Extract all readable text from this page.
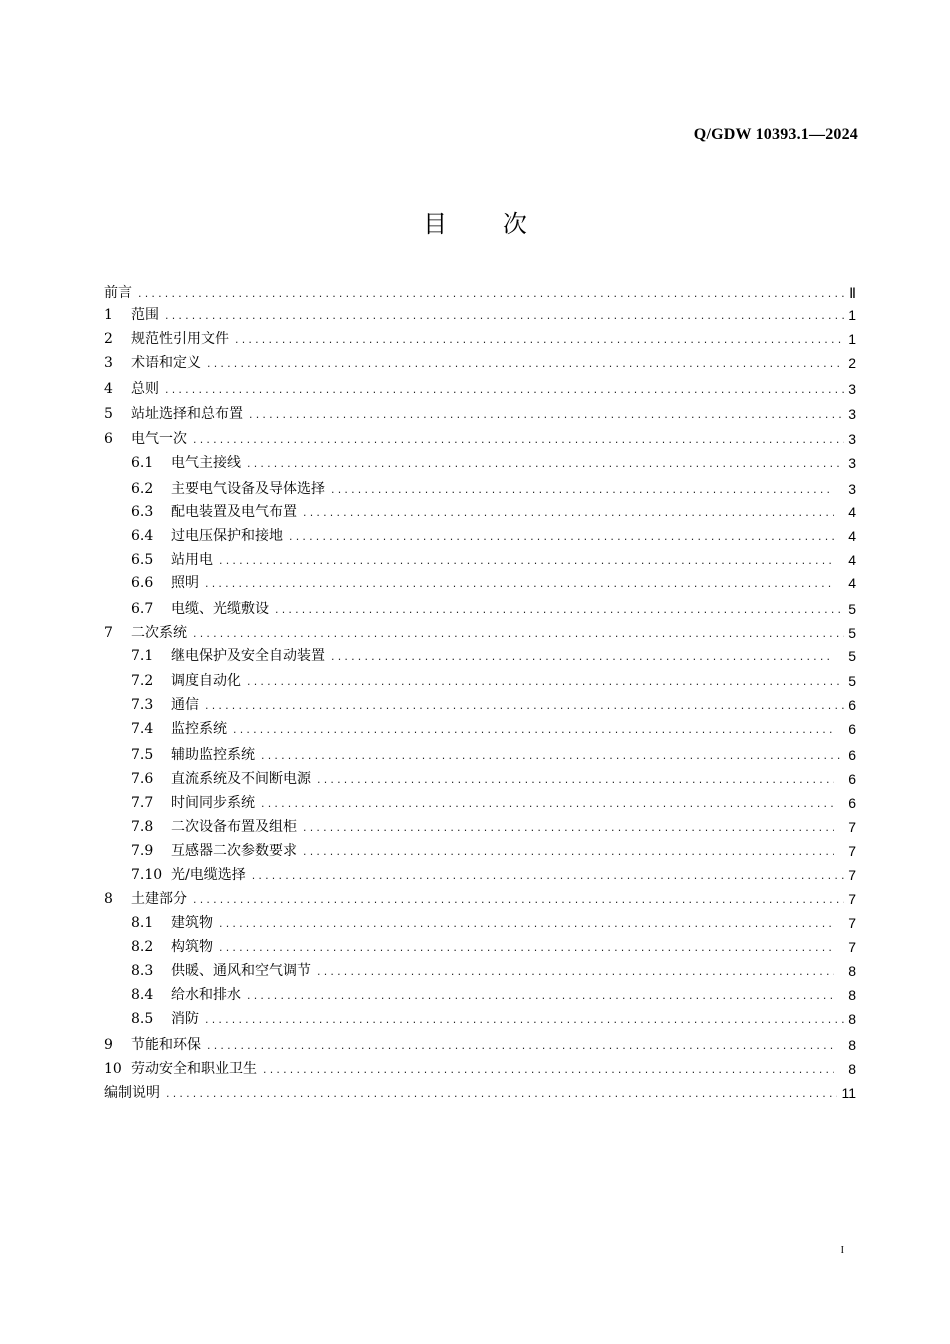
Q/GDW 10393.1—2024
目 次
前言 .....	Ⅱ
1	范围 .....	1
2	规范性引用文件 .....	1
3	术语和定义 .....	2
4	总则 .....	3
5	站址选择和总布置 .....	3
6	电气一次 .....	3
6.1	电气主接线 .....	3
6.2	主要电气设备及导体选择 .....	3
6.3	配电装置及电气布置 .....	4
6.4	过电压保护和接地 .....	4
6.5	站用电 .....	4
6.6	照明 .....	4
6.7	电缆、光缆敷设 .....	5
7	二次系统 .....	5
7.1	继电保护及安全自动装置 .....	5
7.2	调度自动化 .....	5
7.3	通信 .....	6
7.4	监控系统 .....	6
7.5	辅助监控系统 .....	6
7.6	直流系统及不间断电源 .....	6
7.7	时间同步系统 .....	6
7.8	二次设备布置及组柜 .....	7
7.9	互感器二次参数要求 .....	7
7.10 光/电缆选择 .....	7
8	土建部分 .....	7
8.1	建筑物 .....	7
8.2	构筑物 .....	7
8.3	供暖、通风和空气调节 .....	8
8.4	给水和排水 .....	8
8.5	消防 .....	8
9	节能和环保 .....	8
10 劳动安全和职业卫生 .....	8
编制说明 .....	11
I
